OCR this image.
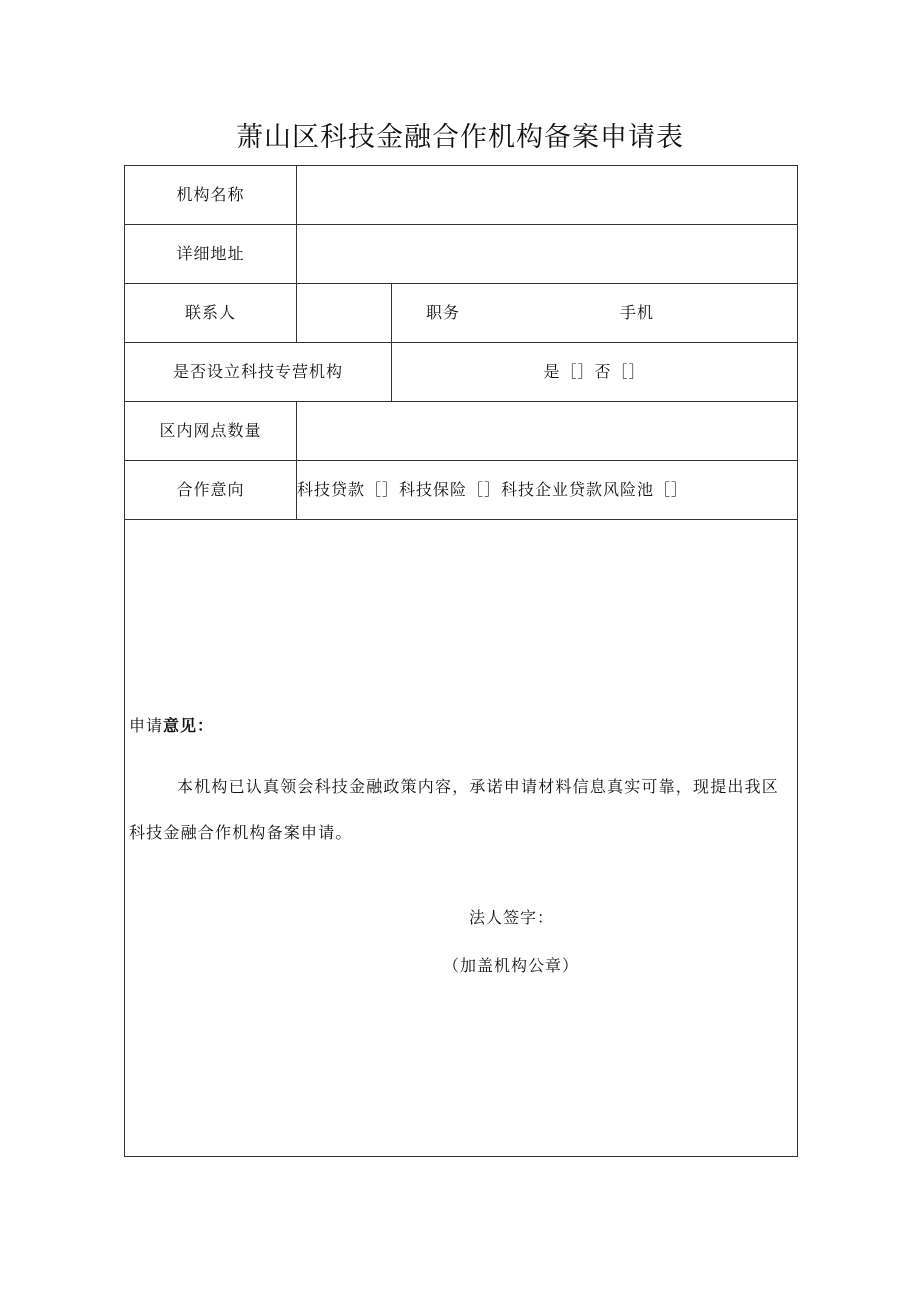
萧山区科技金融合作机构备案申请表
机构名称		
详细地址		
联系人		职务 手机
是否设立科技专营机构		是［］否［］
区内网点数量		
合作意向	科技贷款［］科技保险［］科技企业贷款风险池［］	

申请意见：
本机构已认真领会科技金融政策内容，承诺申请材料信息真实可靠，现提出我区科技金融合作机构备案申请。
法人签字：
（加盖机构公章）		
